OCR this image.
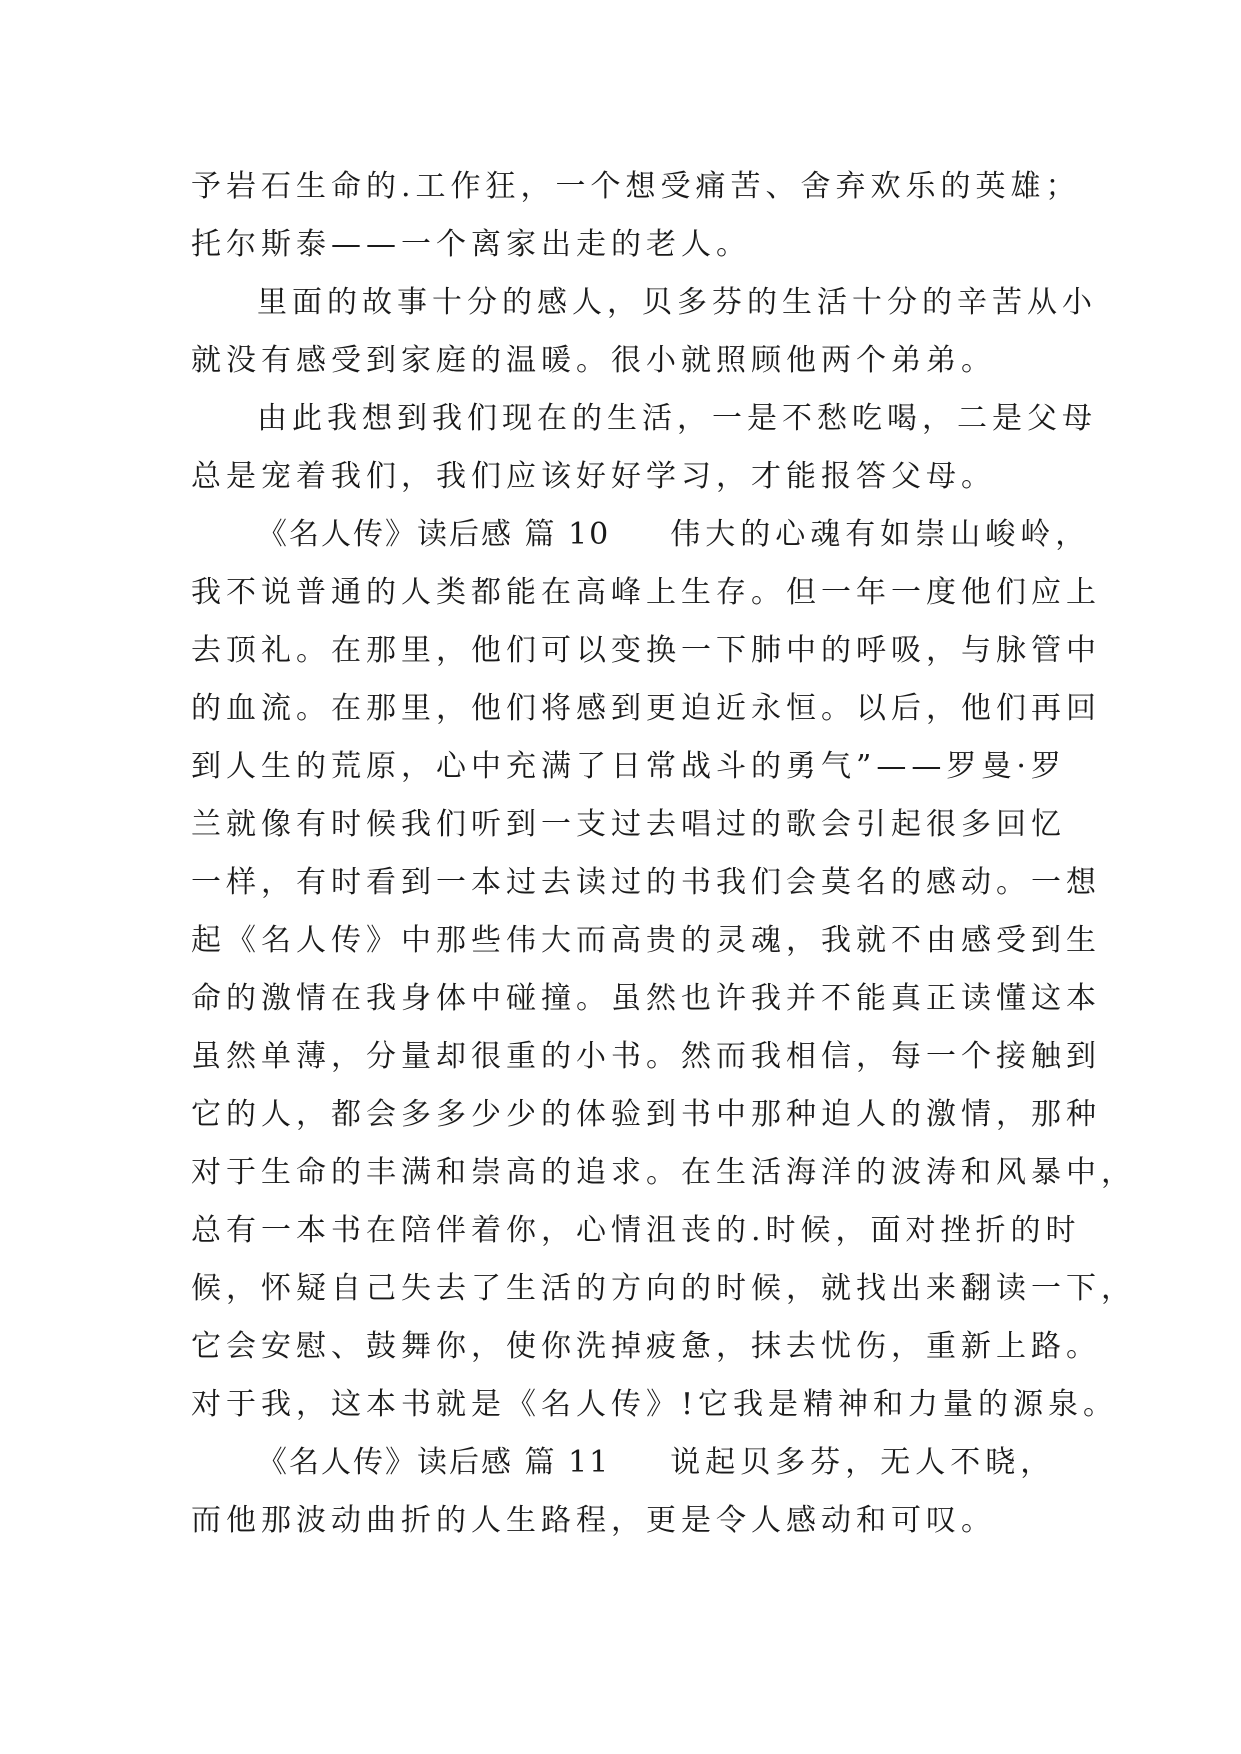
予岩石生命的.工作狂，一个想受痛苦、舍弃欢乐的英雄；
托尔斯泰——一个离家出走的老人。
里面的故事十分的感人，贝多芬的生活十分的辛苦从小
就没有感受到家庭的温暖。很小就照顾他两个弟弟。
由此我想到我们现在的生活，一是不愁吃喝，二是父母
总是宠着我们，我们应该好好学习，才能报答父母。
《名人传》读后感 篇 10 伟大的心魂有如崇山峻岭，
我不说普通的人类都能在高峰上生存。但一年一度他们应上
去顶礼。在那里，他们可以变换一下肺中的呼吸，与脉管中
的血流。在那里，他们将感到更迫近永恒。以后，他们再回
到人生的荒原，心中充满了日常战斗的勇气”——罗曼·罗
兰就像有时候我们听到一支过去唱过的歌会引起很多回忆
一样，有时看到一本过去读过的书我们会莫名的感动。一想
起《名人传》中那些伟大而高贵的灵魂，我就不由感受到生
命的激情在我身体中碰撞。虽然也许我并不能真正读懂这本
虽然单薄，分量却很重的小书。然而我相信，每一个接触到
它的人，都会多多少少的体验到书中那种迫人的激情，那种
对于生命的丰满和崇高的追求。在生活海洋的波涛和风暴中，
总有一本书在陪伴着你，心情沮丧的.时候，面对挫折的时
候，怀疑自己失去了生活的方向的时候，就找出来翻读一下，
它会安慰、鼓舞你，使你洗掉疲惫，抹去忧伤，重新上路。
对于我，这本书就是《名人传》!它我是精神和力量的源泉。
《名人传》读后感 篇 11 说起贝多芬，无人不晓，
而他那波动曲折的人生路程，更是令人感动和可叹。
